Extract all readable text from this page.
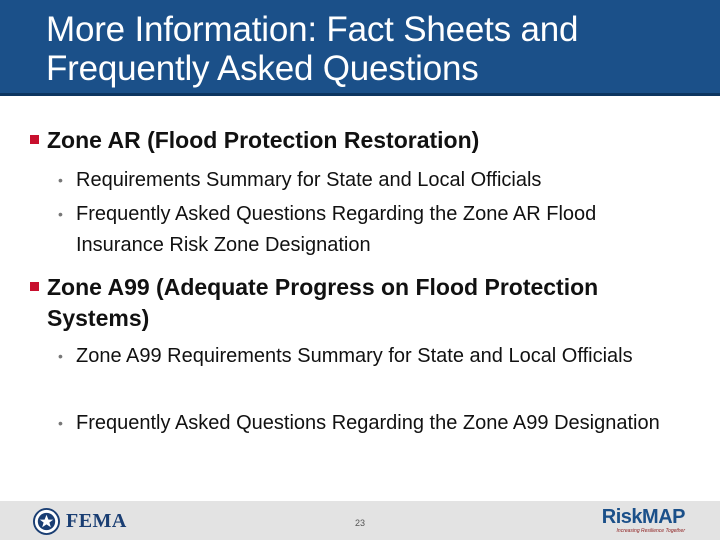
More Information: Fact Sheets and
Frequently Asked Questions
Zone AR (Flood Protection Restoration)
• Requirements Summary for State and Local Officials
• Frequently Asked Questions Regarding the Zone AR Flood Insurance Risk Zone Designation
Zone A99 (Adequate Progress on Flood Protection Systems)
• Zone A99 Requirements Summary for State and Local Officials
• Frequently Asked Questions Regarding the Zone A99 Designation
FEMA	23	RiskMAP
Increasing Resilience Together
